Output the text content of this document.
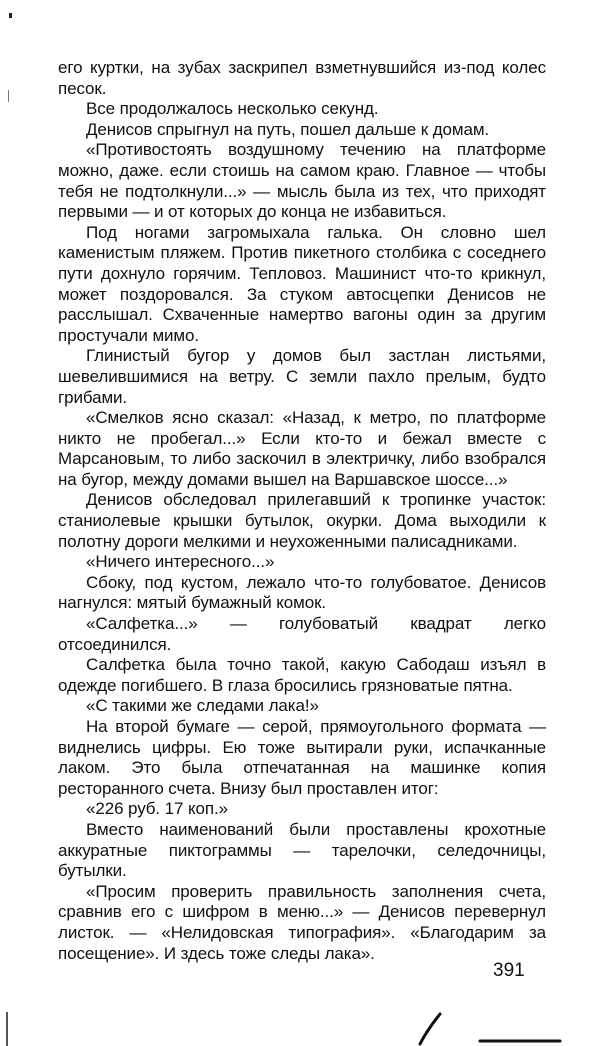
его куртки, на зубах заскрипел взметнувшийся из-под колес песок.

Все продолжалось несколько секунд.

Денисов спрыгнул на путь, пошел дальше к домам.

«Противостоять воздушному течению на платформе можно, даже. если стоишь на самом краю. Главное — чтобы тебя не подтолкнули...» — мысль была из тех, что приходят первыми — и от которых до конца не избавиться.

Под ногами загромыхала галька. Он словно шел каменистым пляжем. Против пикетного столбика с соседнего пути дохнуло горячим. Тепловоз. Машинист что-то крикнул, может поздоровался. За стуком автосцепки Денисов не расслышал. Схваченные намертво вагоны один за другим простучали мимо.

Глинистый бугор у домов был застлан листьями, шевелившимися на ветру. С земли пахло прелым, будто грибами.

«Смелков ясно сказал: «Назад, к метро, по платформе никто не пробегал...» Если кто-то и бежал вместе с Марсановым, то либо заскочил в электричку, либо взобрался на бугор, между домами вышел на Варшавское шоссе...»

Денисов обследовал прилегавший к тропинке участок: станиолевые крышки бутылок, окурки. Дома выходили к полотну дороги мелкими и неухоженными палисадниками.

«Ничего интересного...»

Сбоку, под кустом, лежало что-то голубоватое. Денисов нагнулся: мятый бумажный комок.

«Салфетка...» — голубоватый квадрат легко отсоединился.

Салфетка была точно такой, какую Сабодаш изъял в одежде погибшего. В глаза бросились грязноватые пятна.

«С такими же следами лака!»

На второй бумаге — серой, прямоугольного формата — виднелись цифры. Ею тоже вытирали руки, испачканные лаком. Это была отпечатанная на машинке копия ресторанного счета. Внизу был проставлен итог:

«226 руб. 17 коп.»

Вместо наименований были проставлены крохотные аккуратные пиктограммы — тарелочки, селедочницы, бутылки.

«Просим проверить правильность заполнения счета, сравнив его с шифром в меню...» — Денисов перевернул листок. — «Нелидовская типография». «Благодарим за посещение». И здесь тоже следы лака».

391
